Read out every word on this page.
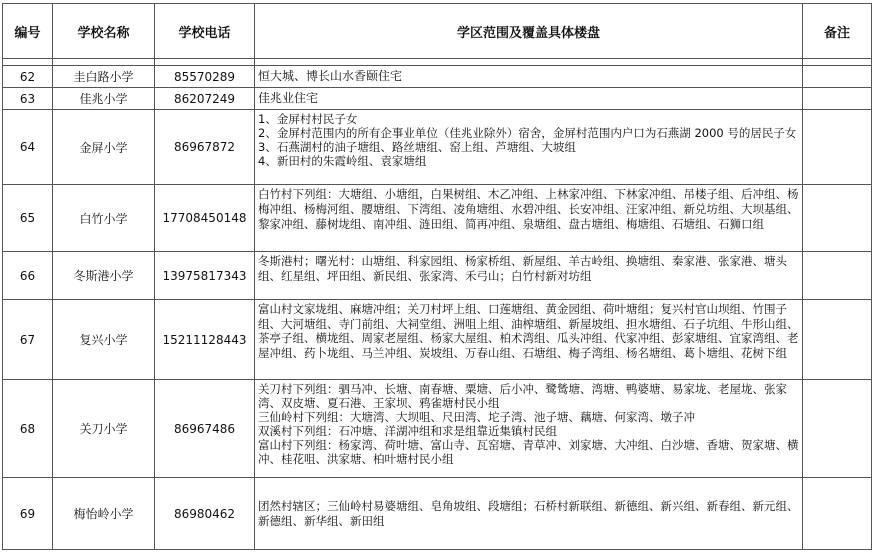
编号	学校名称	学校电话	学区范围及覆盖具体楼盘	备注

62	圭白路小学	85570289	恒大城、博长山水香颐住宅	

63	佳兆小学	86207249	佳兆业住宅	

64	金屏小学	86967872	1、金屏村村民子女
2、金屏村范围内的所有企事业单位（佳兆业除外）宿舍，金屏村范围内户口为石燕湖 2000 号的居民子女
3、石燕湖村的油子塘组、路丝塘组、窑上组、芦塘组、大坡组
4、新田村的朱霞岭组、袁家塘组	

65	白竹小学	17708450148	白竹村下列组：大塘组、小塘组，白果树组、木乙冲组、上林家冲组、下林家冲组、吊楼子组、后冲组、杨梅冲组、杨梅河组、腰塘组、下湾组、凌角塘组、水碧冲组、长安冲组、汪家冲组、新兑坊组、大坝基组、黎家冲组、藤树垅组、南冲组、涟田组、简再冲组、泉塘组、盘古塘组、梅塘组、石塘组、石狮口组	

66	冬斯港小学	13975817343	冬斯港村；曙光村：山塘组、科家园组、杨家桥组、新屋组、羊古岭组、换塘组、秦家港、张家港、塘头组、红星组、坪田组、新民组、张家湾、禾弓山；白竹村新对坊组	

67	复兴小学	15211128443	富山村文家垅组、麻塘冲组；关刀村坪上组、口莲塘组、黄金园组、荷叶塘组；复兴村官山坝组、竹围子组、大河塘组、寺门前组、大祠堂组、洲咀上组、油榨塘组、新屋坡组、担水塘组、石子坑组、牛形山组、茶亭子组、横垅组、周家老屋组、杨家大屋组、柏术湾组、瓜头冲组、代家冲组、彭家塘组、宜家湾组、老屋冲组、药卜垅组、马兰冲组、炭坡组、万春山组、石塘组、梅子湾组、杨名塘组、葛卜塘组、花树下组	

68	关刀小学	86967486	关刀村下列组：驷马冲、长塘、南春塘、粟塘、后小冲、鹭鸶塘、湾塘、鸭婆塘、易家垅、老屋垅、张家湾、双皮塘、夏石港、王家坝、鸦雀塘村民小组
三仙岭村下列组：大塘湾、大坝咀、尺田湾、坨子湾、池子塘、藕塘、何家湾、墩子冲
双溪村下列组：石冲塘、洋湖冲组和求是组靠近集镇村民组
富山村下列组：杨家湾、荷叶塘、富山寺、瓦窑塘、青草冲、刘家塘、大冲组、白沙塘、香塘、贺家塘、横冲、桂花咀、洪家塘、柏叶塘村民小组	

69	梅怡岭小学	86980462	团然村辖区；三仙岭村易婆塘组、皂角坡组、段塘组；石桥村新联组、新德组、新兴组、新春组、新元组、新德组、新华组、新田组	
